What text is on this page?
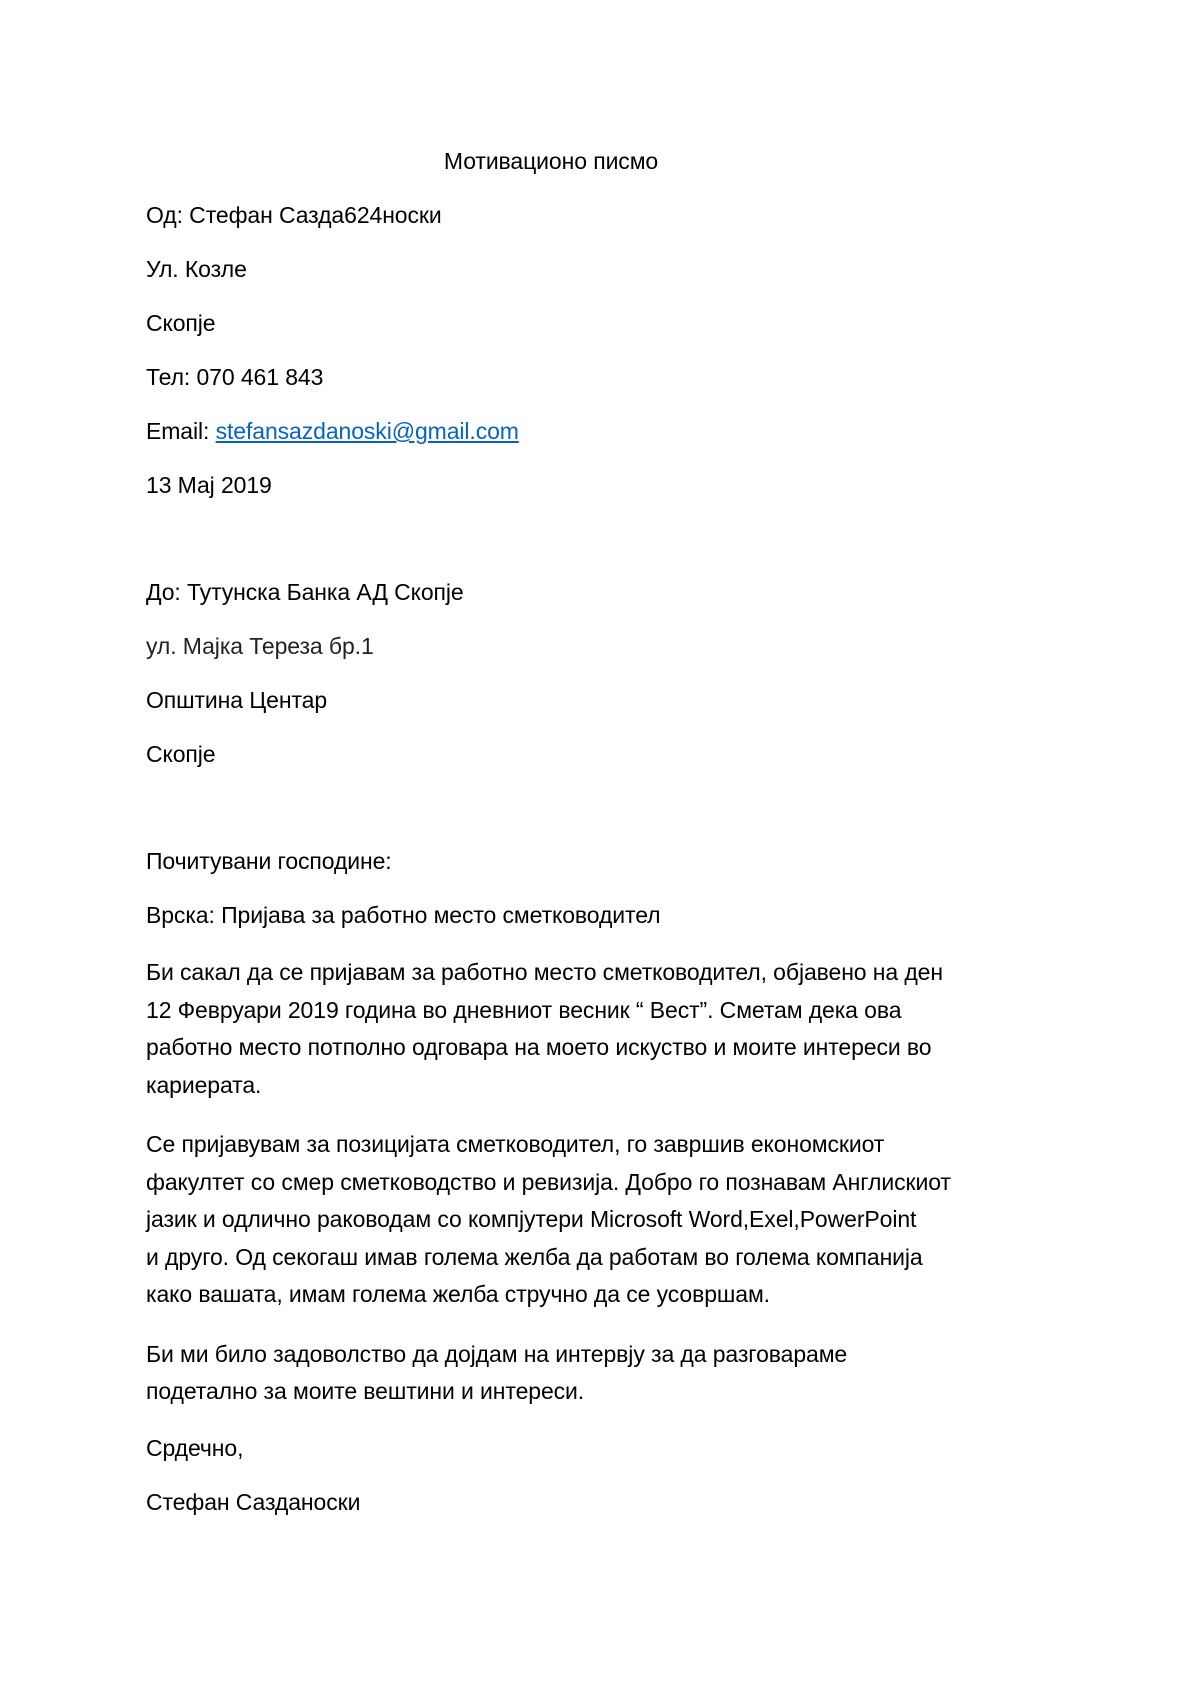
Мотивационо писмо
Од: Стефан Сазда624носки
Ул. Козле
Скопје
Тел: 070 461 843
Email: stefansazdanoski@gmail.com
13 Мај 2019
До: Тутунска Банка АД Скопје
ул. Мајка Тереза бр.1
Општина Центар
Скопје
Почитувани господине:
Врска: Пријава за работно место сметководител
Би сакал да се пријавам за работно место сметководител, објавено на ден
12 Февруари 2019 година во дневниот весник “ Вест”. Сметам дека ова
работно место потполно одговара на моето искуство и моите интереси во
кариерата.
Се пријавувам за позицијата сметководител, го завршив економскиот
факултет со смер сметководство и ревизија. Добро го познавам Англискиот
јазик и одлично раководам со компјутери Microsoft Word,Exel,PowerPoint
и друго. Од секогаш имав голема желба да работам во голема компанија
како вашата, имам голема желба стручно да се усовршам.
Би ми било задоволство да дојдам на интервју за да разговараме
подетално за моите вештини и интереси.
Срдечно,
Стефан Сазданоски
